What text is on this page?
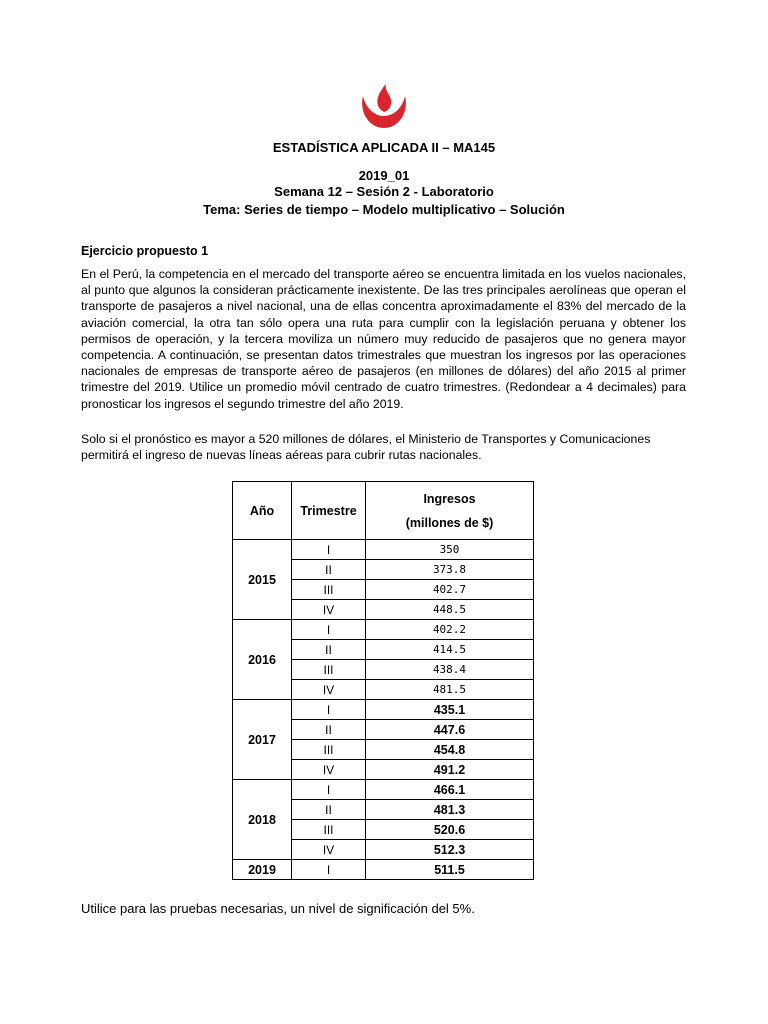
ESTADÍSTICA APLICADA II – MA145
2019_01
Semana 12 – Sesión 2 - Laboratorio
Tema: Series de tiempo – Modelo multiplicativo – Solución
Ejercicio propuesto 1

En el Perú, la competencia en el mercado del transporte aéreo se encuentra limitada en los vuelos nacionales, al punto que algunos la consideran prácticamente inexistente. De las tres principales aerolíneas que operan el transporte de pasajeros a nivel nacional, una de ellas concentra aproximadamente el 83% del mercado de la aviación comercial, la otra tan sólo opera una ruta para cumplir con la legislación peruana y obtener los permisos de operación, y la tercera moviliza un número muy reducido de pasajeros que no genera mayor competencia. A continuación, se presentan datos trimestrales que muestran los ingresos por las operaciones nacionales de empresas de transporte aéreo de pasajeros (en millones de dólares) del año 2015 al primer trimestre del 2019. Utilice un promedio móvil centrado de cuatro trimestres. (Redondear a 4 decimales) para pronosticar los ingresos el segundo trimestre del año 2019.

Solo si el pronóstico es mayor a 520 millones de dólares, el Ministerio de Transportes y Comunicaciones permitirá el ingreso de nuevas líneas aéreas para cubrir rutas nacionales.

Año	Trimestre	Ingresos
(millones de $)

2015	I	350
	II	373.8
	III	402.7
	IV	448.5
2016	I	402.2
	II	414.5
	III	438.4
	IV	481.5
2017	I	435.1
	II	447.6
	III	454.8
	IV	491.2
2018	I	466.1
	II	481.3
	III	520.6
	IV	512.3
2019	I	511.5

Utilice para las pruebas necesarias, un nivel de significación del 5%.
